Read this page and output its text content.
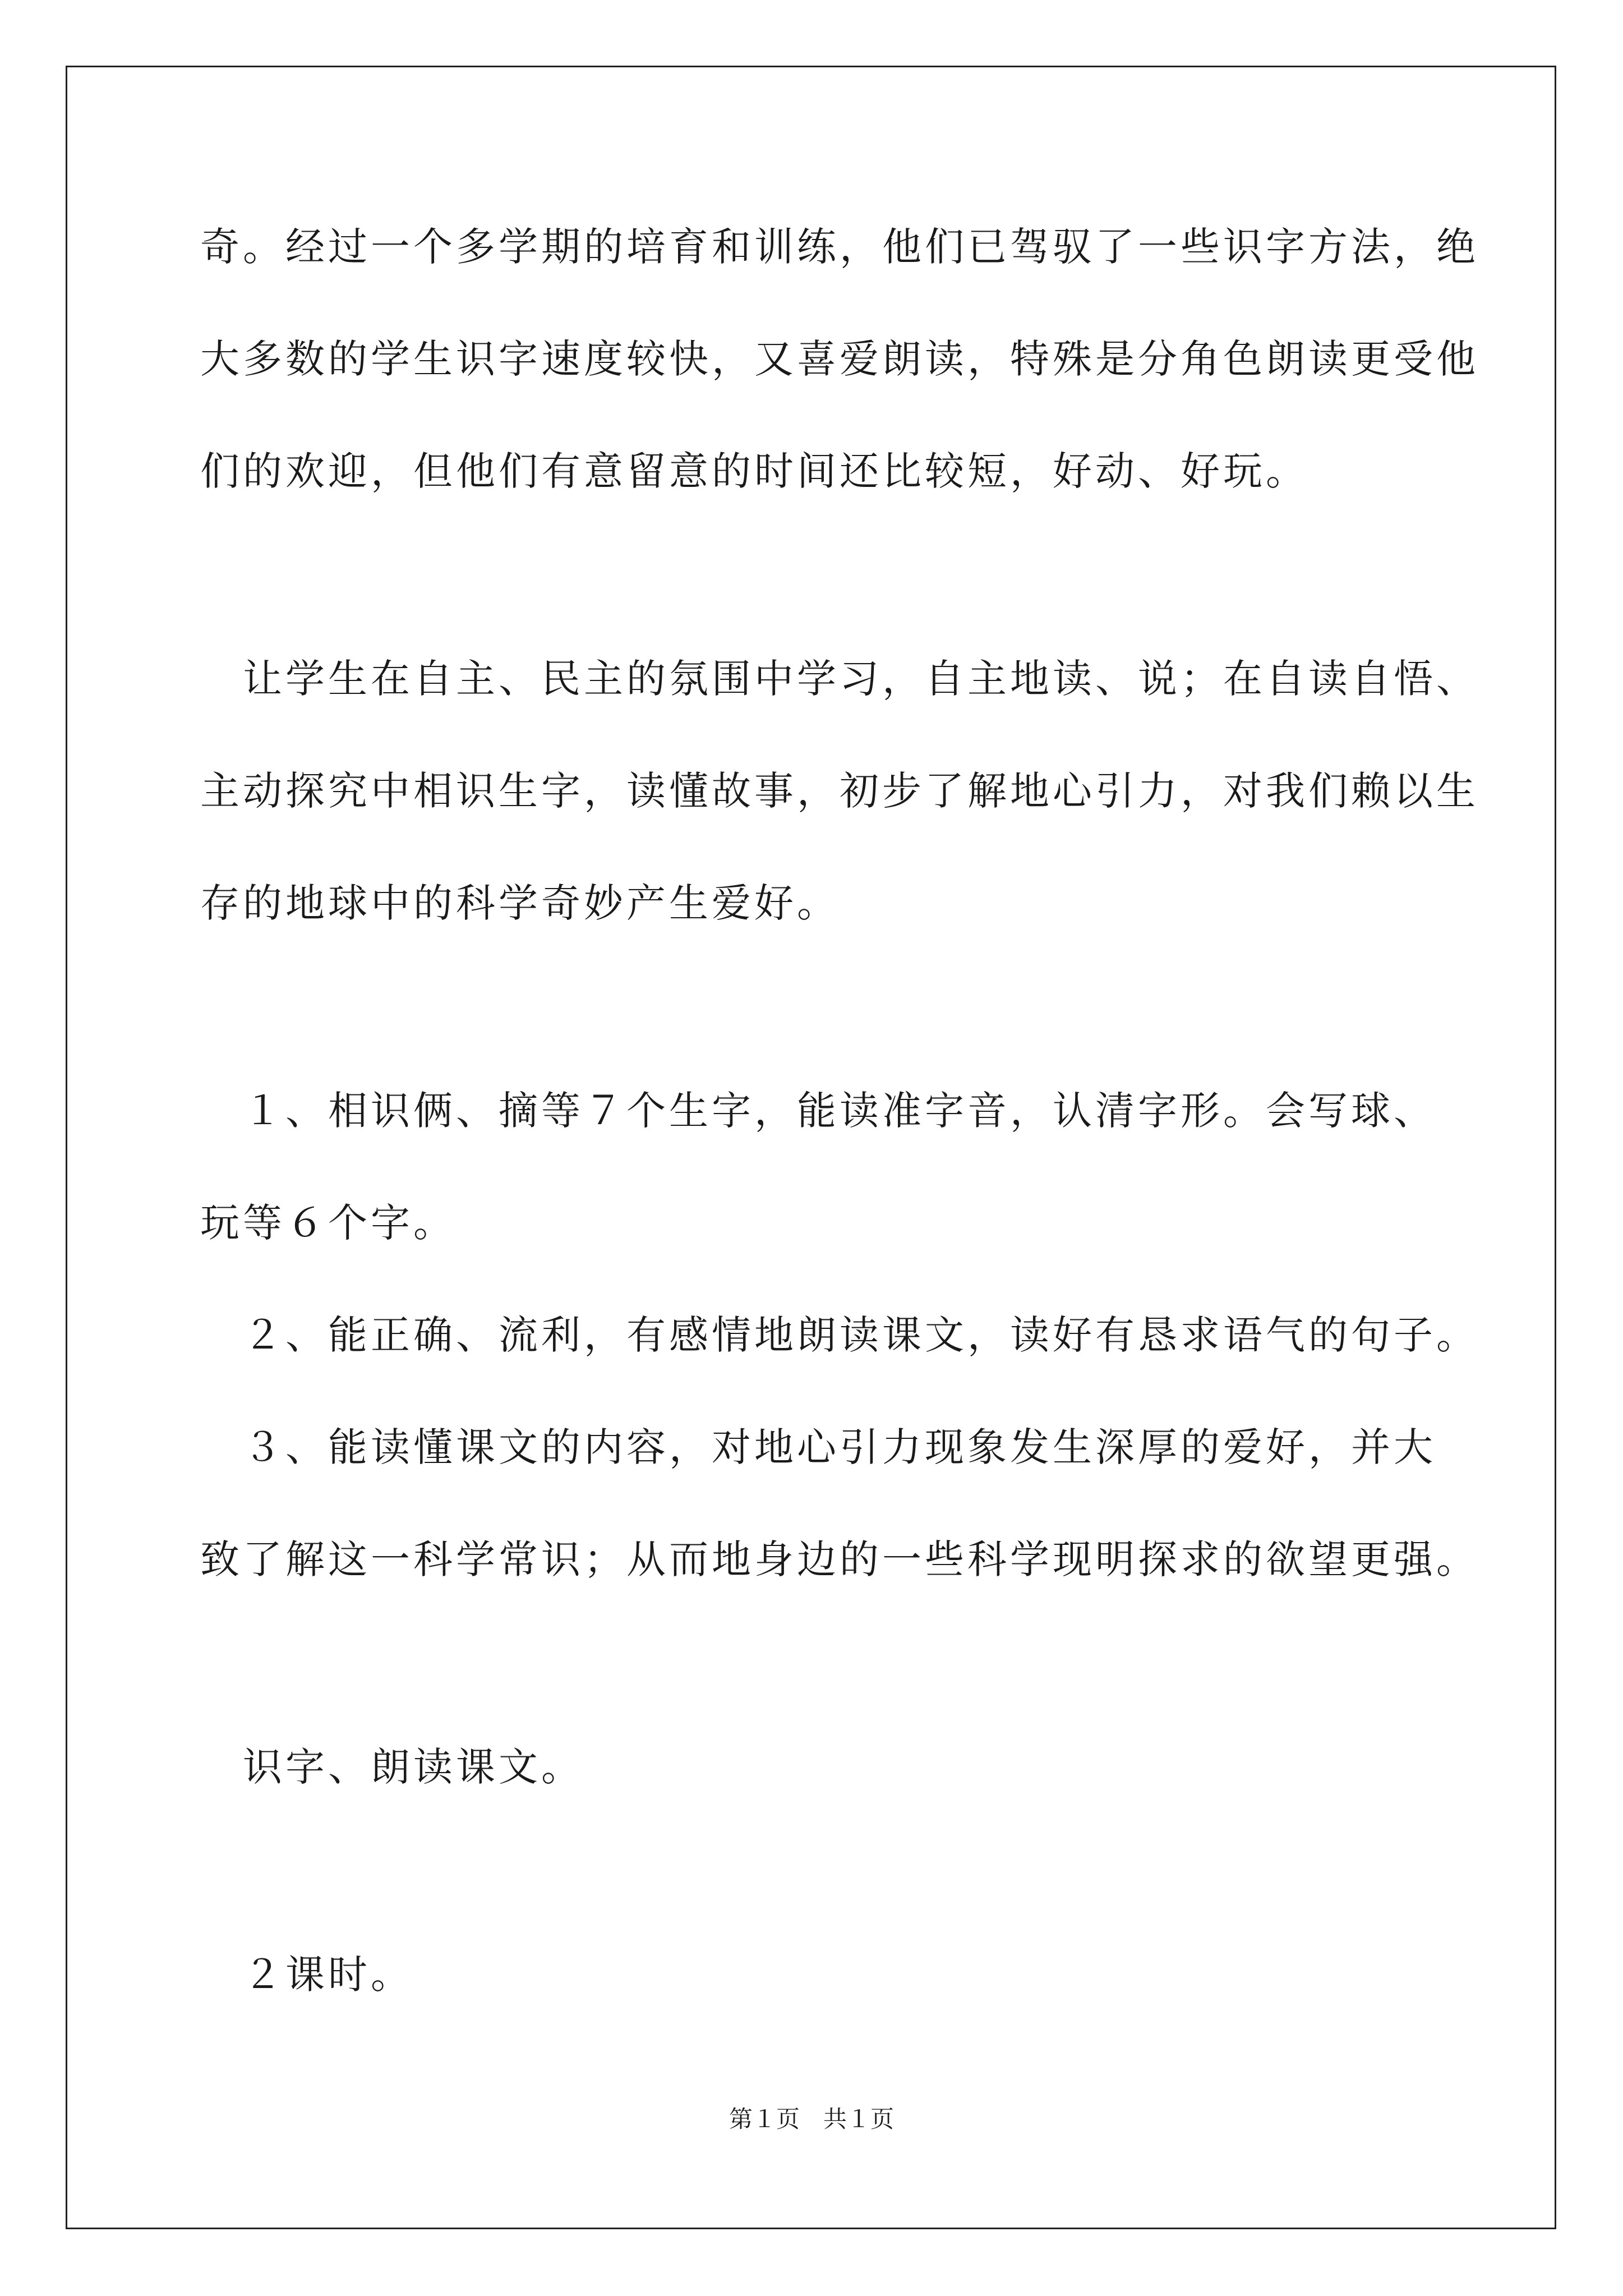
奇。经过一个多学期的培育和训练，他们已驾驭了一些识字方法，绝
大多数的学生识字速度较快，又喜爱朗读，特殊是分角色朗读更受他
们的欢迎，但他们有意留意的时间还比较短，好动、好玩。
　让学生在自主、民主的氛围中学习，自主地读、说；在自读自悟、
主动探究中相识生字，读懂故事，初步了解地心引力，对我们赖以生
存的地球中的科学奇妙产生爱好。
　１、相识俩、摘等７个生字，能读准字音，认清字形。会写球、
玩等６个字。
　２、能正确、流利，有感情地朗读课文，读好有恳求语气的句子。
　３、能读懂课文的内容，对地心引力现象发生深厚的爱好，并大
致了解这一科学常识；从而地身边的一些科学现明探求的欲望更强。
　识字、朗读课文。
　２课时。
第１页　共１页
